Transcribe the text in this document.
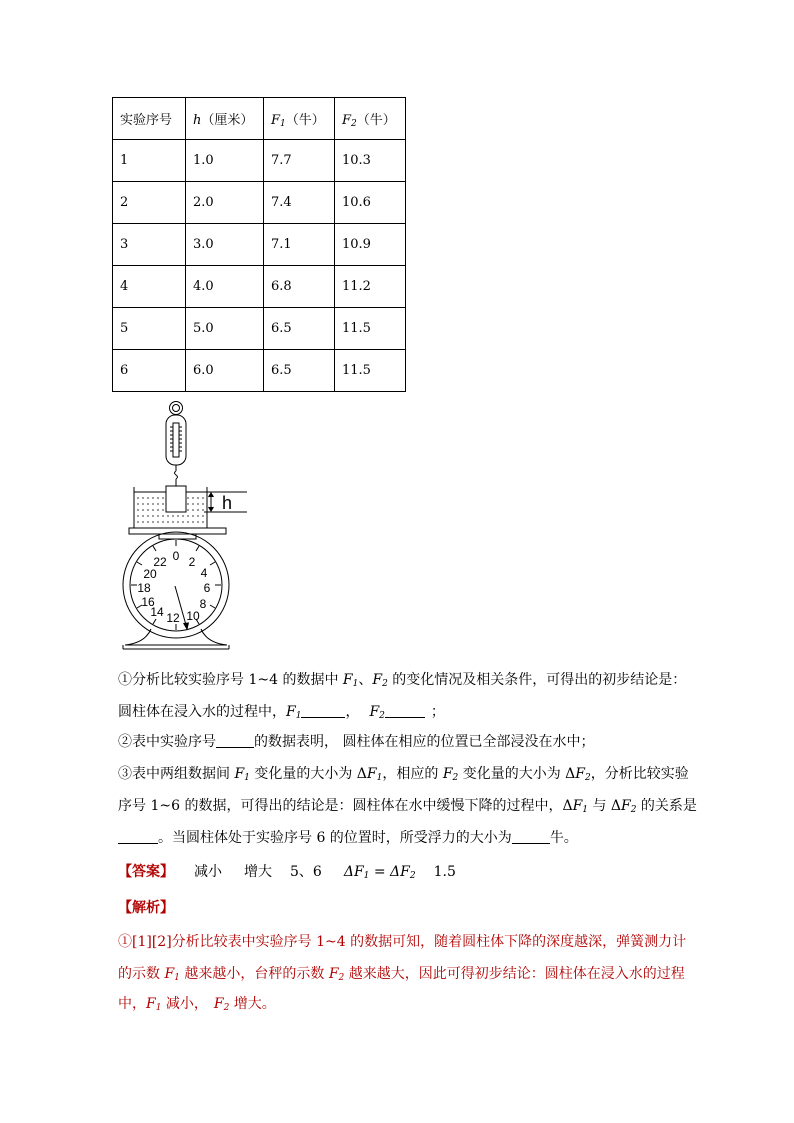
实验序号	h（厘米）	$F_1$（牛）	$F_2$（牛）
1	1.0	7.7	10.3
2	2.0	7.4	10.6
3	3.0	7.1	10.9
4	4.0	6.8	11.2
5	5.0	6.5	11.5
6	6.0	6.5	11.5
h
0 2
4
6
8
10
12
14
16
18
20
22
①分析比较实验序号 1~4 的数据中 $F_1$、$F_2$ 的变化情况及相关条件，可得出的初步结论是：
圆柱体在浸入水的过程中，$F_1$	， $F_2$	；
②表中实验序号	的数据表明， 圆柱体在相应的位置已全部浸没在水中；
③表中两组数据间 $F_1$ 变化量的大小为 $\Delta F_1$，相应的 $F_2$ 变化量的大小为 $\Delta F_2$，分析比较实验
序号 1~6 的数据，可得出的结论是：圆柱体在水中缓慢下降的过程中，$\Delta F_1$ 与 $\Delta F_2$ 的关系是
。当圆柱体处于实验序号 6 的位置时，所受浮力的大小为	牛。
【答案】 减小 增大 5、6 $\Delta F_1 = \Delta F_2$ 1.5
【解析】
①[1][2]分析比较表中实验序号 1~4 的数据可知，随着圆柱体下降的深度越深，弹簧测力计
的示数 $F_1$ 越来越小，台秤的示数 $F_2$ 越来越大，因此可得初步结论：圆柱体在浸入水的过程
中，$F_1$ 减小， $F_2$ 增大。
